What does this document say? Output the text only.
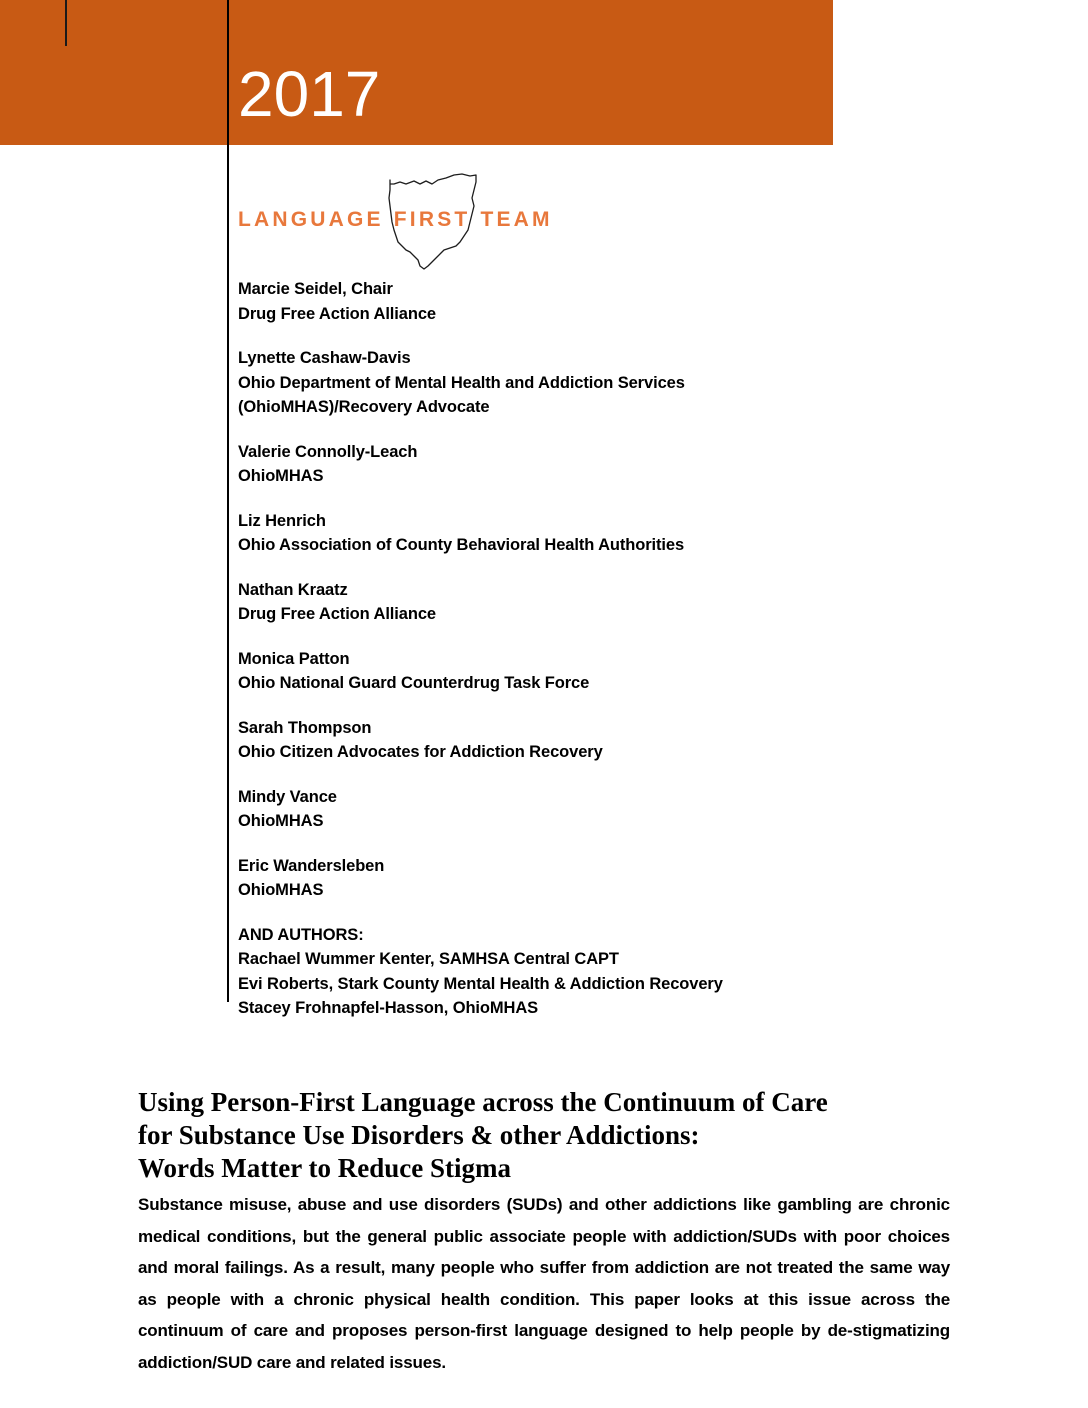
2017
LANGUAGE FIRST TEAM
Marcie Seidel, Chair
Drug Free Action Alliance
Lynette Cashaw-Davis
Ohio Department of Mental Health and Addiction Services
(OhioMHAS)/Recovery Advocate
Valerie Connolly-Leach
OhioMHAS
Liz Henrich
Ohio Association of County Behavioral Health Authorities
Nathan Kraatz
Drug Free Action Alliance
Monica Patton
Ohio National Guard Counterdrug Task Force
Sarah Thompson
Ohio Citizen Advocates for Addiction Recovery
Mindy Vance
OhioMHAS
Eric Wandersleben
OhioMHAS
AND AUTHORS:
Rachael Wummer Kenter, SAMHSA Central CAPT
Evi Roberts, Stark County Mental Health & Addiction Recovery
Stacey Frohnapfel-Hasson, OhioMHAS
Using Person-First Language across the Continuum of Care
for Substance Use Disorders & other Addictions:
Words Matter to Reduce Stigma

Substance misuse, abuse and use disorders (SUDs) and other addictions like gambling are chronic medical conditions, but the general public associate people with addiction/SUDs with poor choices and moral failings. As a result, many people who suffer from addiction are not treated the same way as people with a chronic physical health condition. This paper looks at this issue across the continuum of care and proposes person-first language designed to help people by de-stigmatizing addiction/SUD care and related issues.
